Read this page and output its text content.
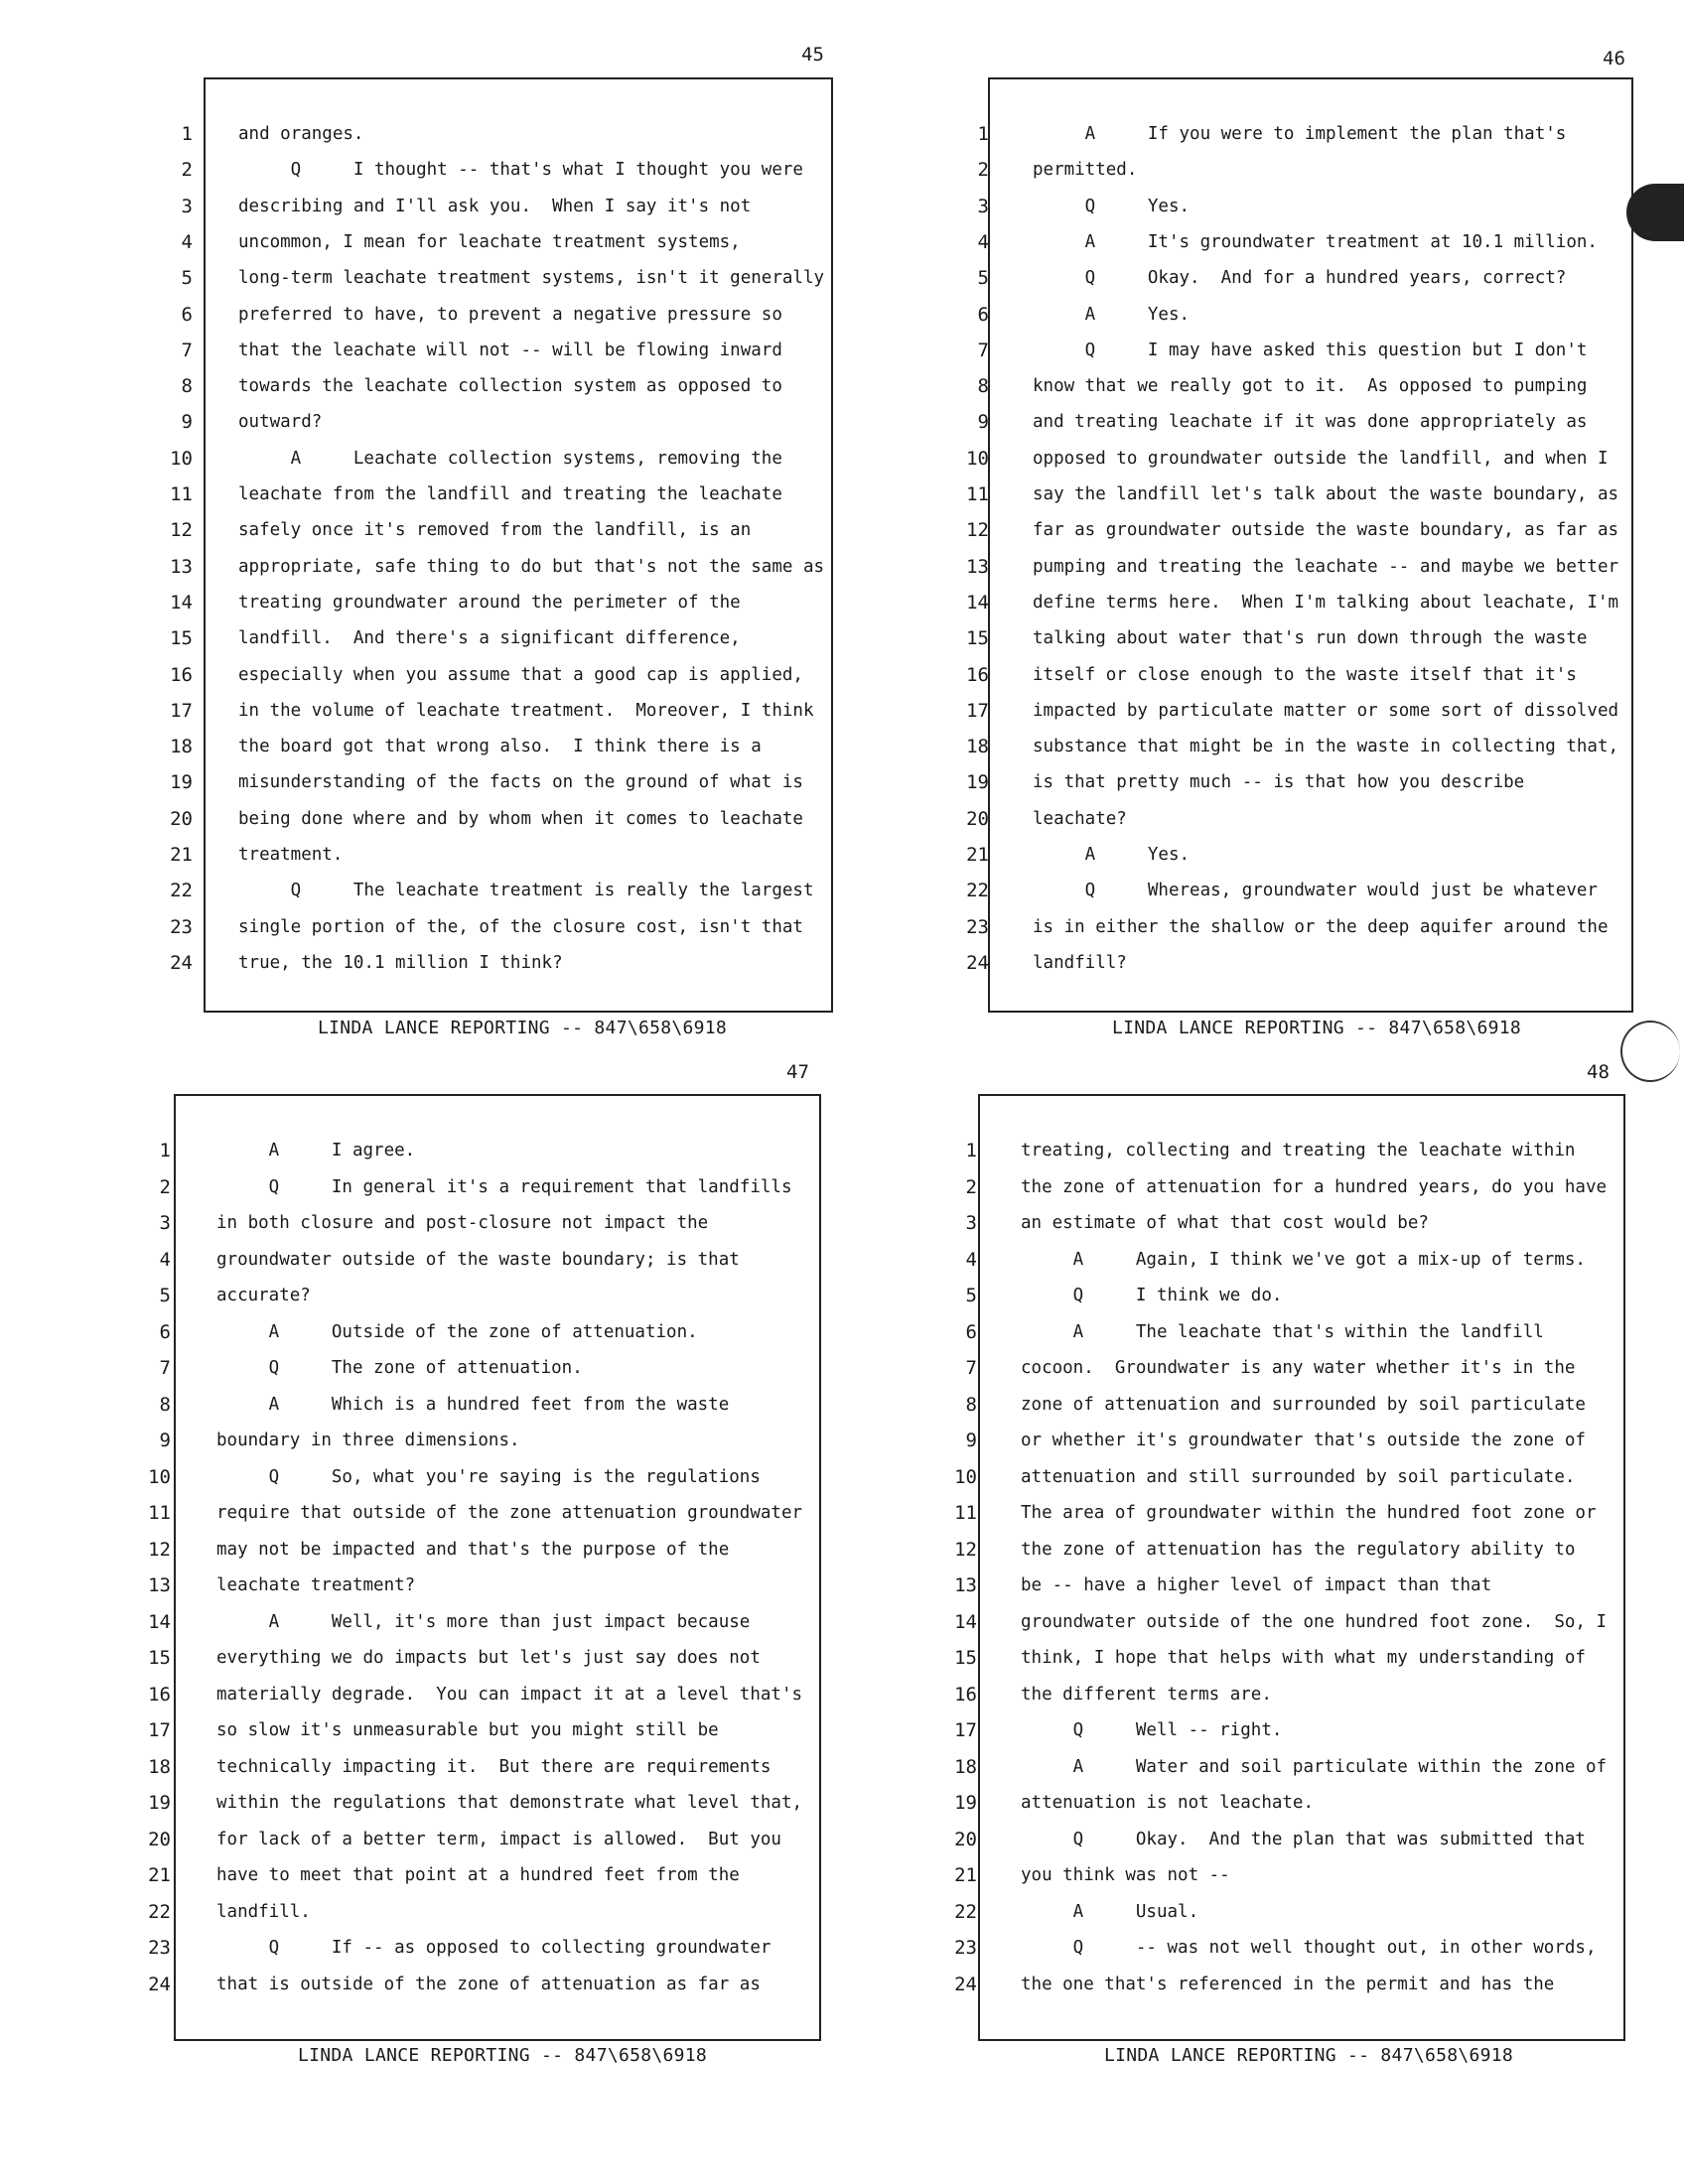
45
1	and oranges.
2	Q     I thought -- that's what I thought you were
3	describing and I'll ask you.  When I say it's not
4	uncommon, I mean for leachate treatment systems,
5	long-term leachate treatment systems, isn't it generally
6	preferred to have, to prevent a negative pressure so
7	that the leachate will not -- will be flowing inward
8	towards the leachate collection system as opposed to
9	outward?
10	A     Leachate collection systems, removing the
11	leachate from the landfill and treating the leachate
12	safely once it's removed from the landfill, is an
13	appropriate, safe thing to do but that's not the same as
14	treating groundwater around the perimeter of the
15	landfill.  And there's a significant difference,
16	especially when you assume that a good cap is applied,
17	in the volume of leachate treatment.  Moreover, I think
18	the board got that wrong also.  I think there is a
19	misunderstanding of the facts on the ground of what is
20	being done where and by whom when it comes to leachate
21	treatment.
22	Q     The leachate treatment is really the largest
23	single portion of the, of the closure cost, isn't that
24	true, the 10.1 million I think?
LINDA LANCE REPORTING -- 847\658\6918
46
1	A     If you were to implement the plan that's
2	permitted.
3	Q     Yes.
4	A     It's groundwater treatment at 10.1 million.
5	Q     Okay.  And for a hundred years, correct?
6	A     Yes.
7	Q     I may have asked this question but I don't
8	know that we really got to it.  As opposed to pumping
9	and treating leachate if it was done appropriately as
10	opposed to groundwater outside the landfill, and when I
11	say the landfill let's talk about the waste boundary, as
12	far as groundwater outside the waste boundary, as far as
13	pumping and treating the leachate -- and maybe we better
14	define terms here.  When I'm talking about leachate, I'm
15	talking about water that's run down through the waste
16	itself or close enough to the waste itself that it's
17	impacted by particulate matter or some sort of dissolved
18	substance that might be in the waste in collecting that,
19	is that pretty much -- is that how you describe
20	leachate?
21	A     Yes.
22	Q     Whereas, groundwater would just be whatever
23	is in either the shallow or the deep aquifer around the
24	landfill?
LINDA LANCE REPORTING -- 847\658\6918
47
1	A     I agree.
2	Q     In general it's a requirement that landfills
3	in both closure and post-closure not impact the
4	groundwater outside of the waste boundary; is that
5	accurate?
6	A     Outside of the zone of attenuation.
7	Q     The zone of attenuation.
8	A     Which is a hundred feet from the waste
9	boundary in three dimensions.
10	Q     So, what you're saying is the regulations
11	require that outside of the zone attenuation groundwater
12	may not be impacted and that's the purpose of the
13	leachate treatment?
14	A     Well, it's more than just impact because
15	everything we do impacts but let's just say does not
16	materially degrade.  You can impact it at a level that's
17	so slow it's unmeasurable but you might still be
18	technically impacting it.  But there are requirements
19	within the regulations that demonstrate what level that,
20	for lack of a better term, impact is allowed.  But you
21	have to meet that point at a hundred feet from the
22	landfill.
23	Q     If -- as opposed to collecting groundwater
24	that is outside of the zone of attenuation as far as
LINDA LANCE REPORTING -- 847\658\6918
48
1	treating, collecting and treating the leachate within
2	the zone of attenuation for a hundred years, do you have
3	an estimate of what that cost would be?
4	A     Again, I think we've got a mix-up of terms.
5	Q     I think we do.
6	A     The leachate that's within the landfill
7	cocoon.  Groundwater is any water whether it's in the
8	zone of attenuation and surrounded by soil particulate
9	or whether it's groundwater that's outside the zone of
10	attenuation and still surrounded by soil particulate.
11	The area of groundwater within the hundred foot zone or
12	the zone of attenuation has the regulatory ability to
13	be -- have a higher level of impact than that
14	groundwater outside of the one hundred foot zone.  So, I
15	think, I hope that helps with what my understanding of
16	the different terms are.
17	Q     Well -- right.
18	A     Water and soil particulate within the zone of
19	attenuation is not leachate.
20	Q     Okay.  And the plan that was submitted that
21	you think was not --
22	A     Usual.
23	Q     -- was not well thought out, in other words,
24	the one that's referenced in the permit and has the
LINDA LANCE REPORTING -- 847\658\6918
